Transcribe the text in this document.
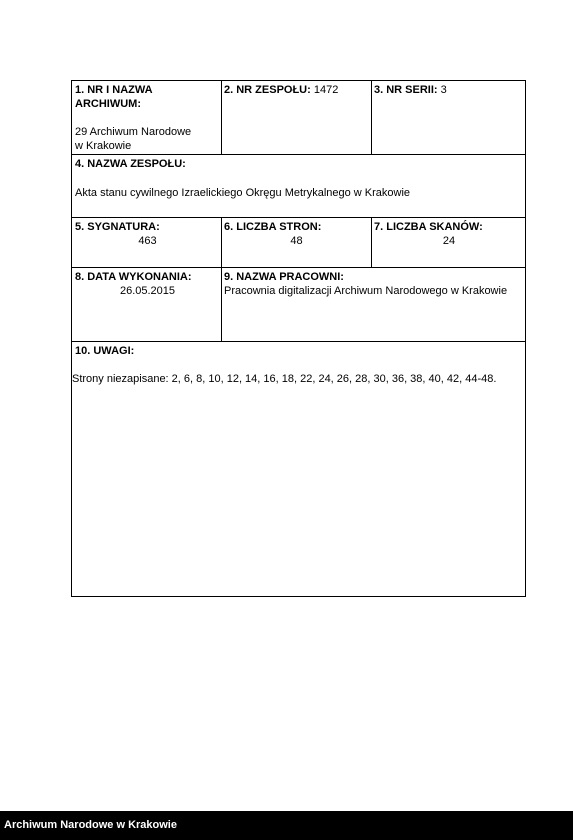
1. NR I NAZWA ARCHIWUM:
29 Archiwum Narodowe
w Krakowie
2. NR ZESPOŁU: 1472	3. NR SERII: 3
4. NAZWA ZESPOŁU:
Akta stanu cywilnego Izraelickiego Okręgu Metrykalnego w Krakowie
5. SYGNATURA:
463
6. LICZBA STRON:
48
7. LICZBA SKANÓW:
24
8. DATA WYKONANIA:
26.05.2015
9. NAZWA PRACOWNI:
Pracownia digitalizacji Archiwum Narodowego w Krakowie
10. UWAGI:
Strony niezapisane: 2, 6, 8, 10, 12, 14, 16, 18, 22, 24, 26, 28, 30, 36, 38, 40, 42, 44-48.
Archiwum Narodowe w Krakowie
